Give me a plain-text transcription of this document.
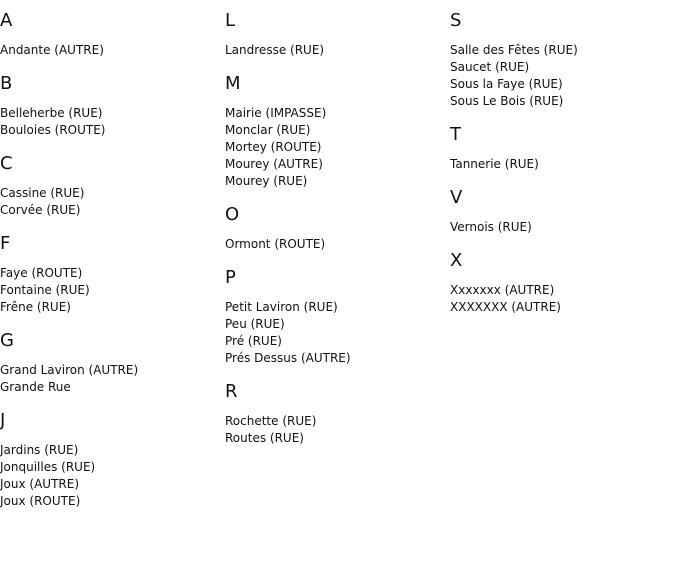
A
Andante (AUTRE)
B
Belleherbe (RUE)
Bouloies (ROUTE)
C
Cassine (RUE)
Corvée (RUE)
F
Faye (ROUTE)
Fontaine (RUE)
Frêne (RUE)
G
Grand Laviron (AUTRE)
Grande Rue
J
Jardins (RUE)
Jonquilles (RUE)
Joux (AUTRE)
Joux (ROUTE)
L
Landresse (RUE)
M
Mairie (IMPASSE)
Monclar (RUE)
Mortey (ROUTE)
Mourey (AUTRE)
Mourey (RUE)
O
Ormont (ROUTE)
P
Petit Laviron (RUE)
Peu (RUE)
Pré (RUE)
Prés Dessus (AUTRE)
R
Rochette (RUE)
Routes (RUE)
S
Salle des Fêtes (RUE)
Saucet (RUE)
Sous la Faye (RUE)
Sous Le Bois (RUE)
T
Tannerie (RUE)
V
Vernois (RUE)
X
Xxxxxxx (AUTRE)
XXXXXXX (AUTRE)
